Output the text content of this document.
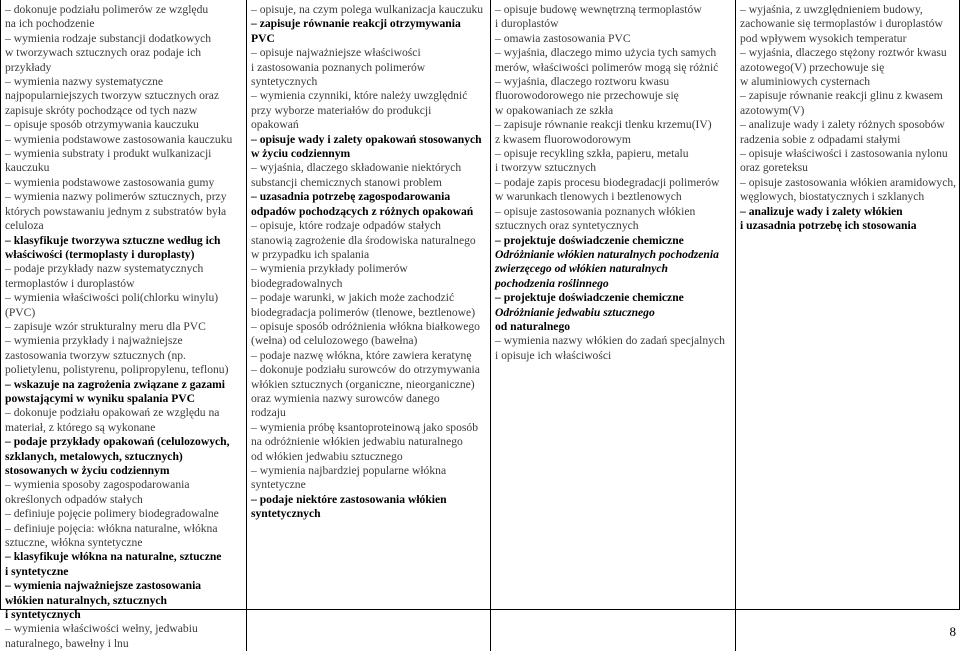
– dokonuje podziału polimerów ze względu

na ich pochodzenie

– wymienia rodzaje substancji dodatkowych

w tworzywach sztucznych oraz podaje ich

przykłady

– wymienia nazwy systematyczne

najpopularniejszych tworzyw sztucznych oraz

zapisuje skróty pochodzące od tych nazw

– opisuje sposób otrzymywania kauczuku

– wymienia podstawowe zastosowania kauczuku

– wymienia substraty i produkt wulkanizacji

kauczuku

– wymienia podstawowe zastosowania gumy

– wymienia nazwy polimerów sztucznych, przy

których powstawaniu jednym z substratów była

celuloza

– klasyfikuje tworzywa sztuczne według ich

właściwości (termoplasty i duroplasty)

– podaje przykłady nazw systematycznych

termoplastów i duroplastów

– wymienia właściwości poli(chlorku winylu)

(PVC)

– zapisuje wzór strukturalny meru dla PVC

– wymienia przykłady i najważniejsze

zastosowania tworzyw sztucznych (np.

polietylenu, polistyrenu, polipropylenu, teflonu)

– wskazuje na zagrożenia związane z gazami

powstającymi w wyniku spalania PVC

– dokonuje podziału opakowań ze względu na

materiał, z którego są wykonane

– podaje przykłady opakowań (celulozowych,

szklanych, metalowych, sztucznych)

stosowanych w życiu codziennym

– wymienia sposoby zagospodarowania

określonych odpadów stałych

– definiuje pojęcie polimery biodegradowalne

– definiuje pojęcia: włókna naturalne, włókna

sztuczne, włókna syntetyczne

– klasyfikuje włókna na naturalne, sztuczne

i syntetyczne

– wymienia najważniejsze zastosowania

włókien naturalnych, sztucznych

i syntetycznych

– wymienia właściwości wełny, jedwabiu

naturalnego, bawełny i lnu

– opisuje, na czym polega wulkanizacja kauczuku

– zapisuje równanie reakcji otrzymywania

PVC

– opisuje najważniejsze właściwości

i zastosowania poznanych polimerów

syntetycznych

– wymienia czynniki, które należy uwzględnić

przy wyborze materiałów do produkcji

opakowań

– opisuje wady i zalety opakowań stosowanych

w życiu codziennym

– wyjaśnia, dlaczego składowanie niektórych

substancji chemicznych stanowi problem

– uzasadnia potrzebę zagospodarowania

odpadów pochodzących z różnych opakowań

– opisuje, które rodzaje odpadów stałych

stanowią zagrożenie dla środowiska naturalnego

w przypadku ich spalania

– wymienia przykłady polimerów

biodegradowalnych

– podaje warunki, w jakich może zachodzić

biodegradacja polimerów (tlenowe, beztlenowe)

– opisuje sposób odróżnienia włókna białkowego

(wełna) od celulozowego (bawełna)

– podaje nazwę włókna, które zawiera keratynę

– dokonuje podziału surowców do otrzymywania

włókien sztucznych (organiczne, nieorganiczne)

oraz wymienia nazwy surowców danego

rodzaju

– wymienia próbę ksantoproteinową jako sposób

na odróżnienie włókien jedwabiu naturalnego

od włókien jedwabiu sztucznego

– wymienia najbardziej popularne włókna

syntetyczne

– podaje niektóre zastosowania włókien

syntetycznych

– opisuje budowę wewnętrzną termoplastów

i duroplastów

– omawia zastosowania PVC

– wyjaśnia, dlaczego mimo użycia tych samych

merów, właściwości polimerów mogą się różnić

– wyjaśnia, dlaczego roztworu kwasu

fluorowodorowego nie przechowuje się

w opakowaniach ze szkła

– zapisuje równanie reakcji tlenku krzemu(IV)

z kwasem fluorowodorowym

– opisuje recykling szkła, papieru, metalu

i tworzyw sztucznych

– podaje zapis procesu biodegradacji polimerów

w warunkach tlenowych i beztlenowych

– opisuje zastosowania poznanych włókien

sztucznych oraz syntetycznych

– projektuje doświadczenie chemiczne

Odróżnianie włókien naturalnych pochodzenia

zwierzęcego od włókien naturalnych

pochodzenia roślinnego

– projektuje doświadczenie chemiczne

Odróżnianie jedwabiu sztucznego

od naturalnego

– wymienia nazwy włókien do zadań specjalnych

i opisuje ich właściwości

– wyjaśnia, z uwzględnieniem budowy,

zachowanie się termoplastów i duroplastów

pod wpływem wysokich temperatur

– wyjaśnia, dlaczego stężony roztwór kwasu

azotowego(V) przechowuje się

w aluminiowych cysternach

– zapisuje równanie reakcji glinu z kwasem

azotowym(V)

– analizuje wady i zalety różnych sposobów

radzenia sobie z odpadami stałymi

– opisuje właściwości i zastosowania nylonu

oraz goreteksu

– opisuje zastosowania włókien aramidowych,

węglowych, biostatycznych i szklanych

– analizuje wady i zalety włókien

i uzasadnia potrzebę ich stosowania

8
